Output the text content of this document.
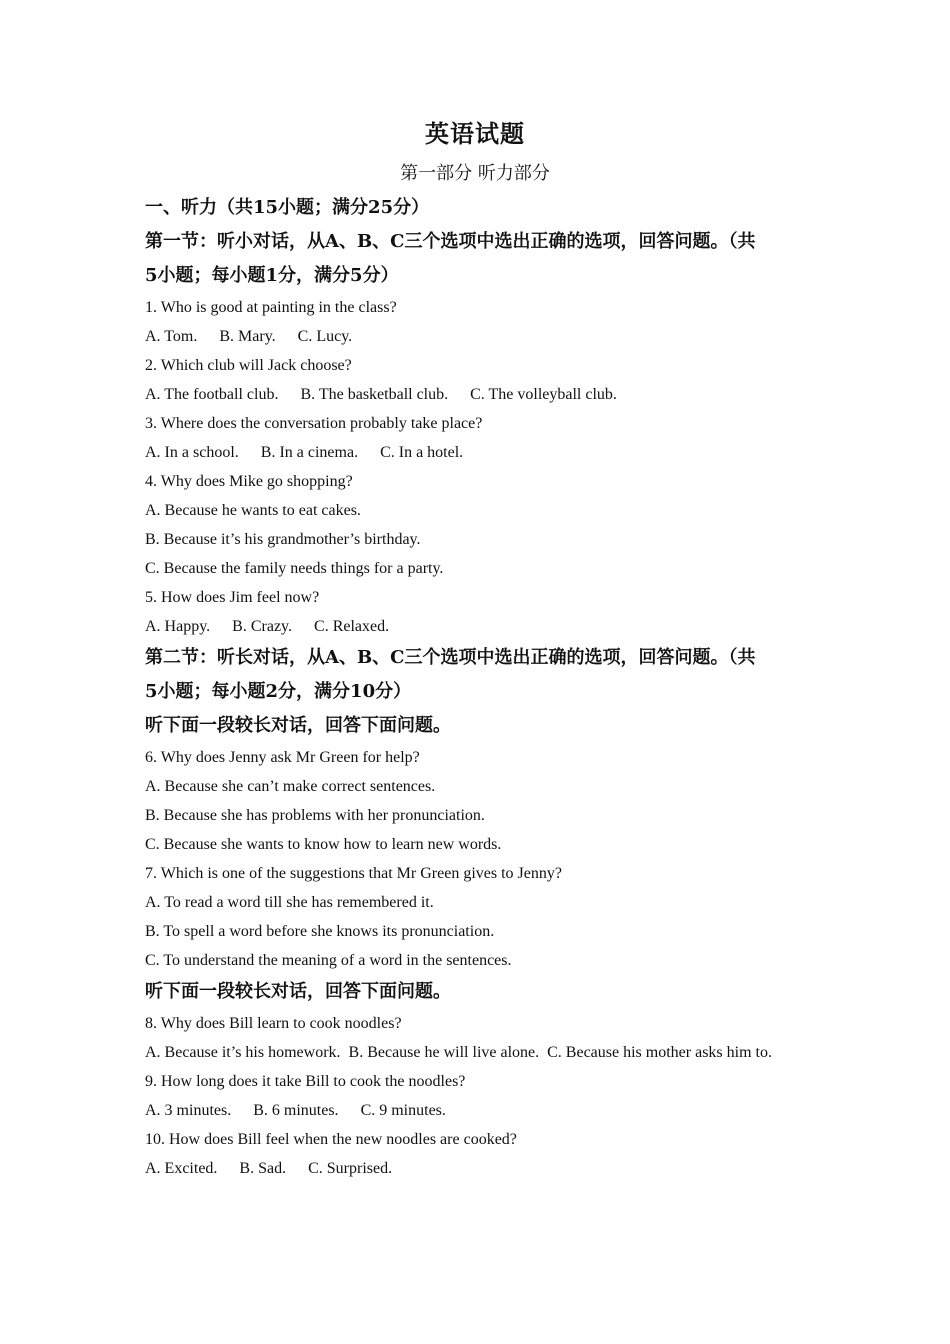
英语试题
第一部分 听力部分

一、听力（共15小题；满分25分）

第一节：听小对话，从A、B、C三个选项中选出正确的选项，回答问题。（共

5小题；每小题1分，满分5分）

1. Who is good at painting in the class?

A. Tom. B. Mary. C. Lucy.

2. Which club will Jack choose?

A. The football club. B. The basketball club. C. The volleyball club.

3. Where does the conversation probably take place?

A. In a school. B. In a cinema. C. In a hotel.

4. Why does Mike go shopping?

A. Because he wants to eat cakes.

B. Because it’s his grandmother’s birthday.

C. Because the family needs things for a party.

5. How does Jim feel now?

A. Happy. B. Crazy. C. Relaxed.

第二节：听长对话，从A、B、C三个选项中选出正确的选项，回答问题。（共

5小题；每小题2分，满分10分）

听下面一段较长对话，回答下面问题。

6. Why does Jenny ask Mr Green for help?

A. Because she can’t make correct sentences.

B. Because she has problems with her pronunciation.

C. Because she wants to know how to learn new words.

7. Which is one of the suggestions that Mr Green gives to Jenny?

A. To read a word till she has remembered it.

B. To spell a word before she knows its pronunciation.

C. To understand the meaning of a word in the sentences.

听下面一段较长对话，回答下面问题。

8. Why does Bill learn to cook noodles?

A. Because it’s his homework.  B. Because he will live alone.  C. Because his mother asks him to.

9. How long does it take Bill to cook the noodles?

A. 3 minutes. B. 6 minutes. C. 9 minutes.

10. How does Bill feel when the new noodles are cooked?

A. Excited. B. Sad. C. Surprised.
